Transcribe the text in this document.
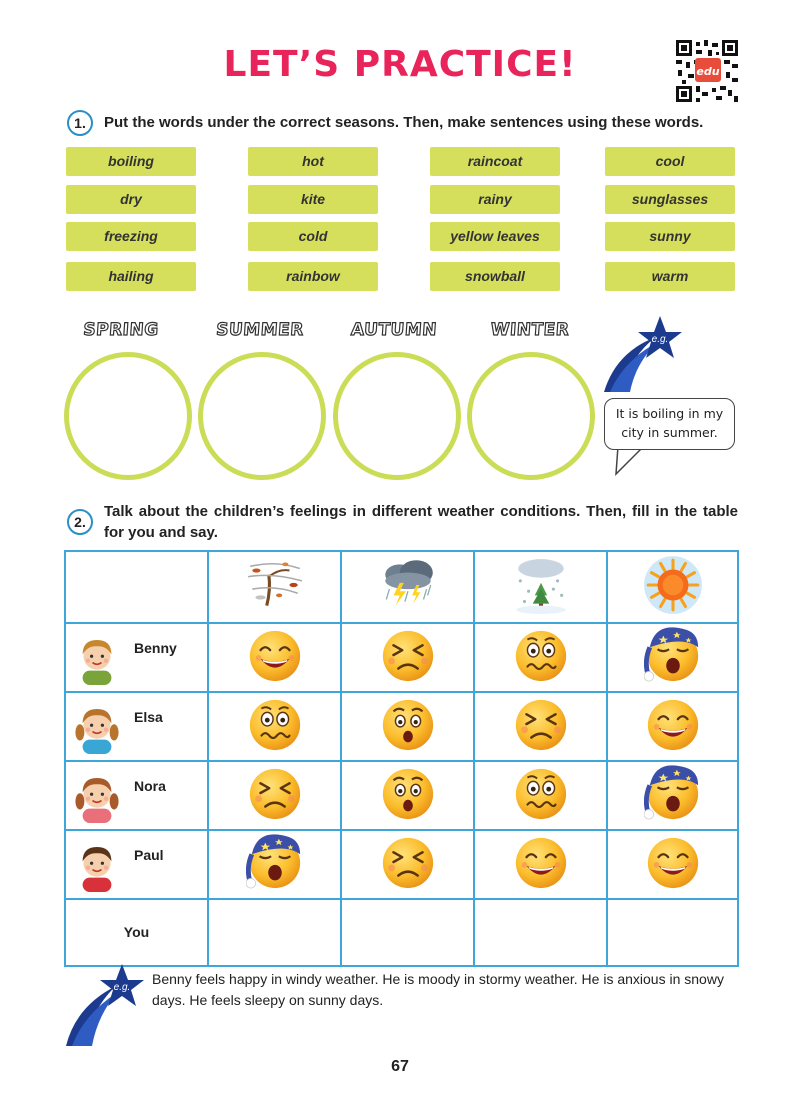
LET’S PRACTICE!	edu
1.	Put the words under the correct seasons. Then, make sentences using these words.
boiling	hot	raincoat	cool
dry	kite	rainy	sunglasses
freezing	cold	yellow leaves	sunny
hailing	rainbow	snowball	warm
SPRING	SUMMER	AUTUMN	WINTER	e.g.
It is boiling in my
city in summer.
2.
Talk about the children’s feelings in different weather conditions. Then, fill in the table for you and say.

Benny

Elsa

Nora

Paul

You				
e.g.
Benny feels happy in windy weather. He is moody in stormy weather. He is anxious in snowy days. He feels sleepy on sunny days.
67
